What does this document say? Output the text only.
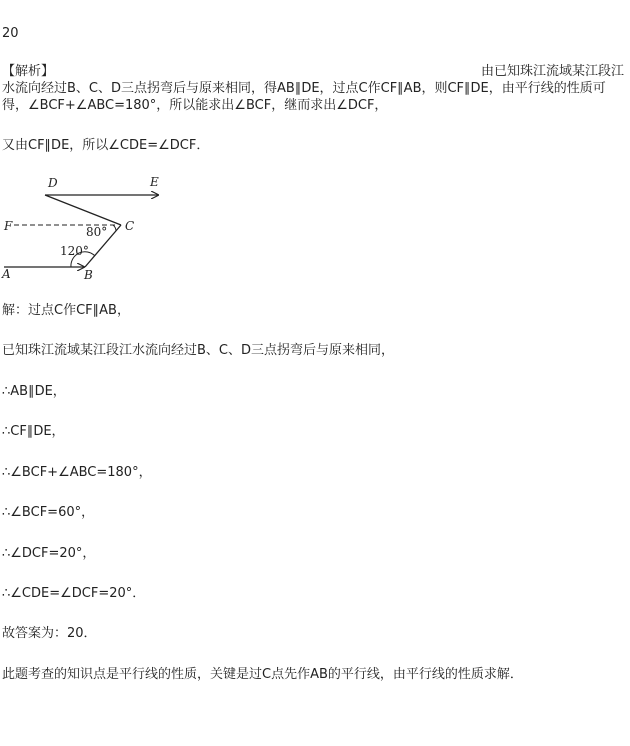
20
由已知珠江流域某江段江
【解析】
水流向经过B、C、D三点拐弯后与原来相同，得AB∥DE，过点C作CF∥AB，则CF∥DE，由平行线的性质可得，∠BCF+∠ABC=180°，所以能求出∠BCF，继而求出∠DCF，
又由CF∥DE，所以∠CDE=∠DCF．
D	E
F	C
A	B
80°
120°
解：过点C作CF∥AB，
已知珠江流域某江段江水流向经过B、C、D三点拐弯后与原来相同，
∴AB∥DE，
∴CF∥DE，
∴∠BCF+∠ABC=180°，
∴∠BCF=60°，
∴∠DCF=20°，
∴∠CDE=∠DCF=20°．
故答案为：20．
此题考查的知识点是平行线的性质，关键是过C点先作AB的平行线，由平行线的性质求解．
